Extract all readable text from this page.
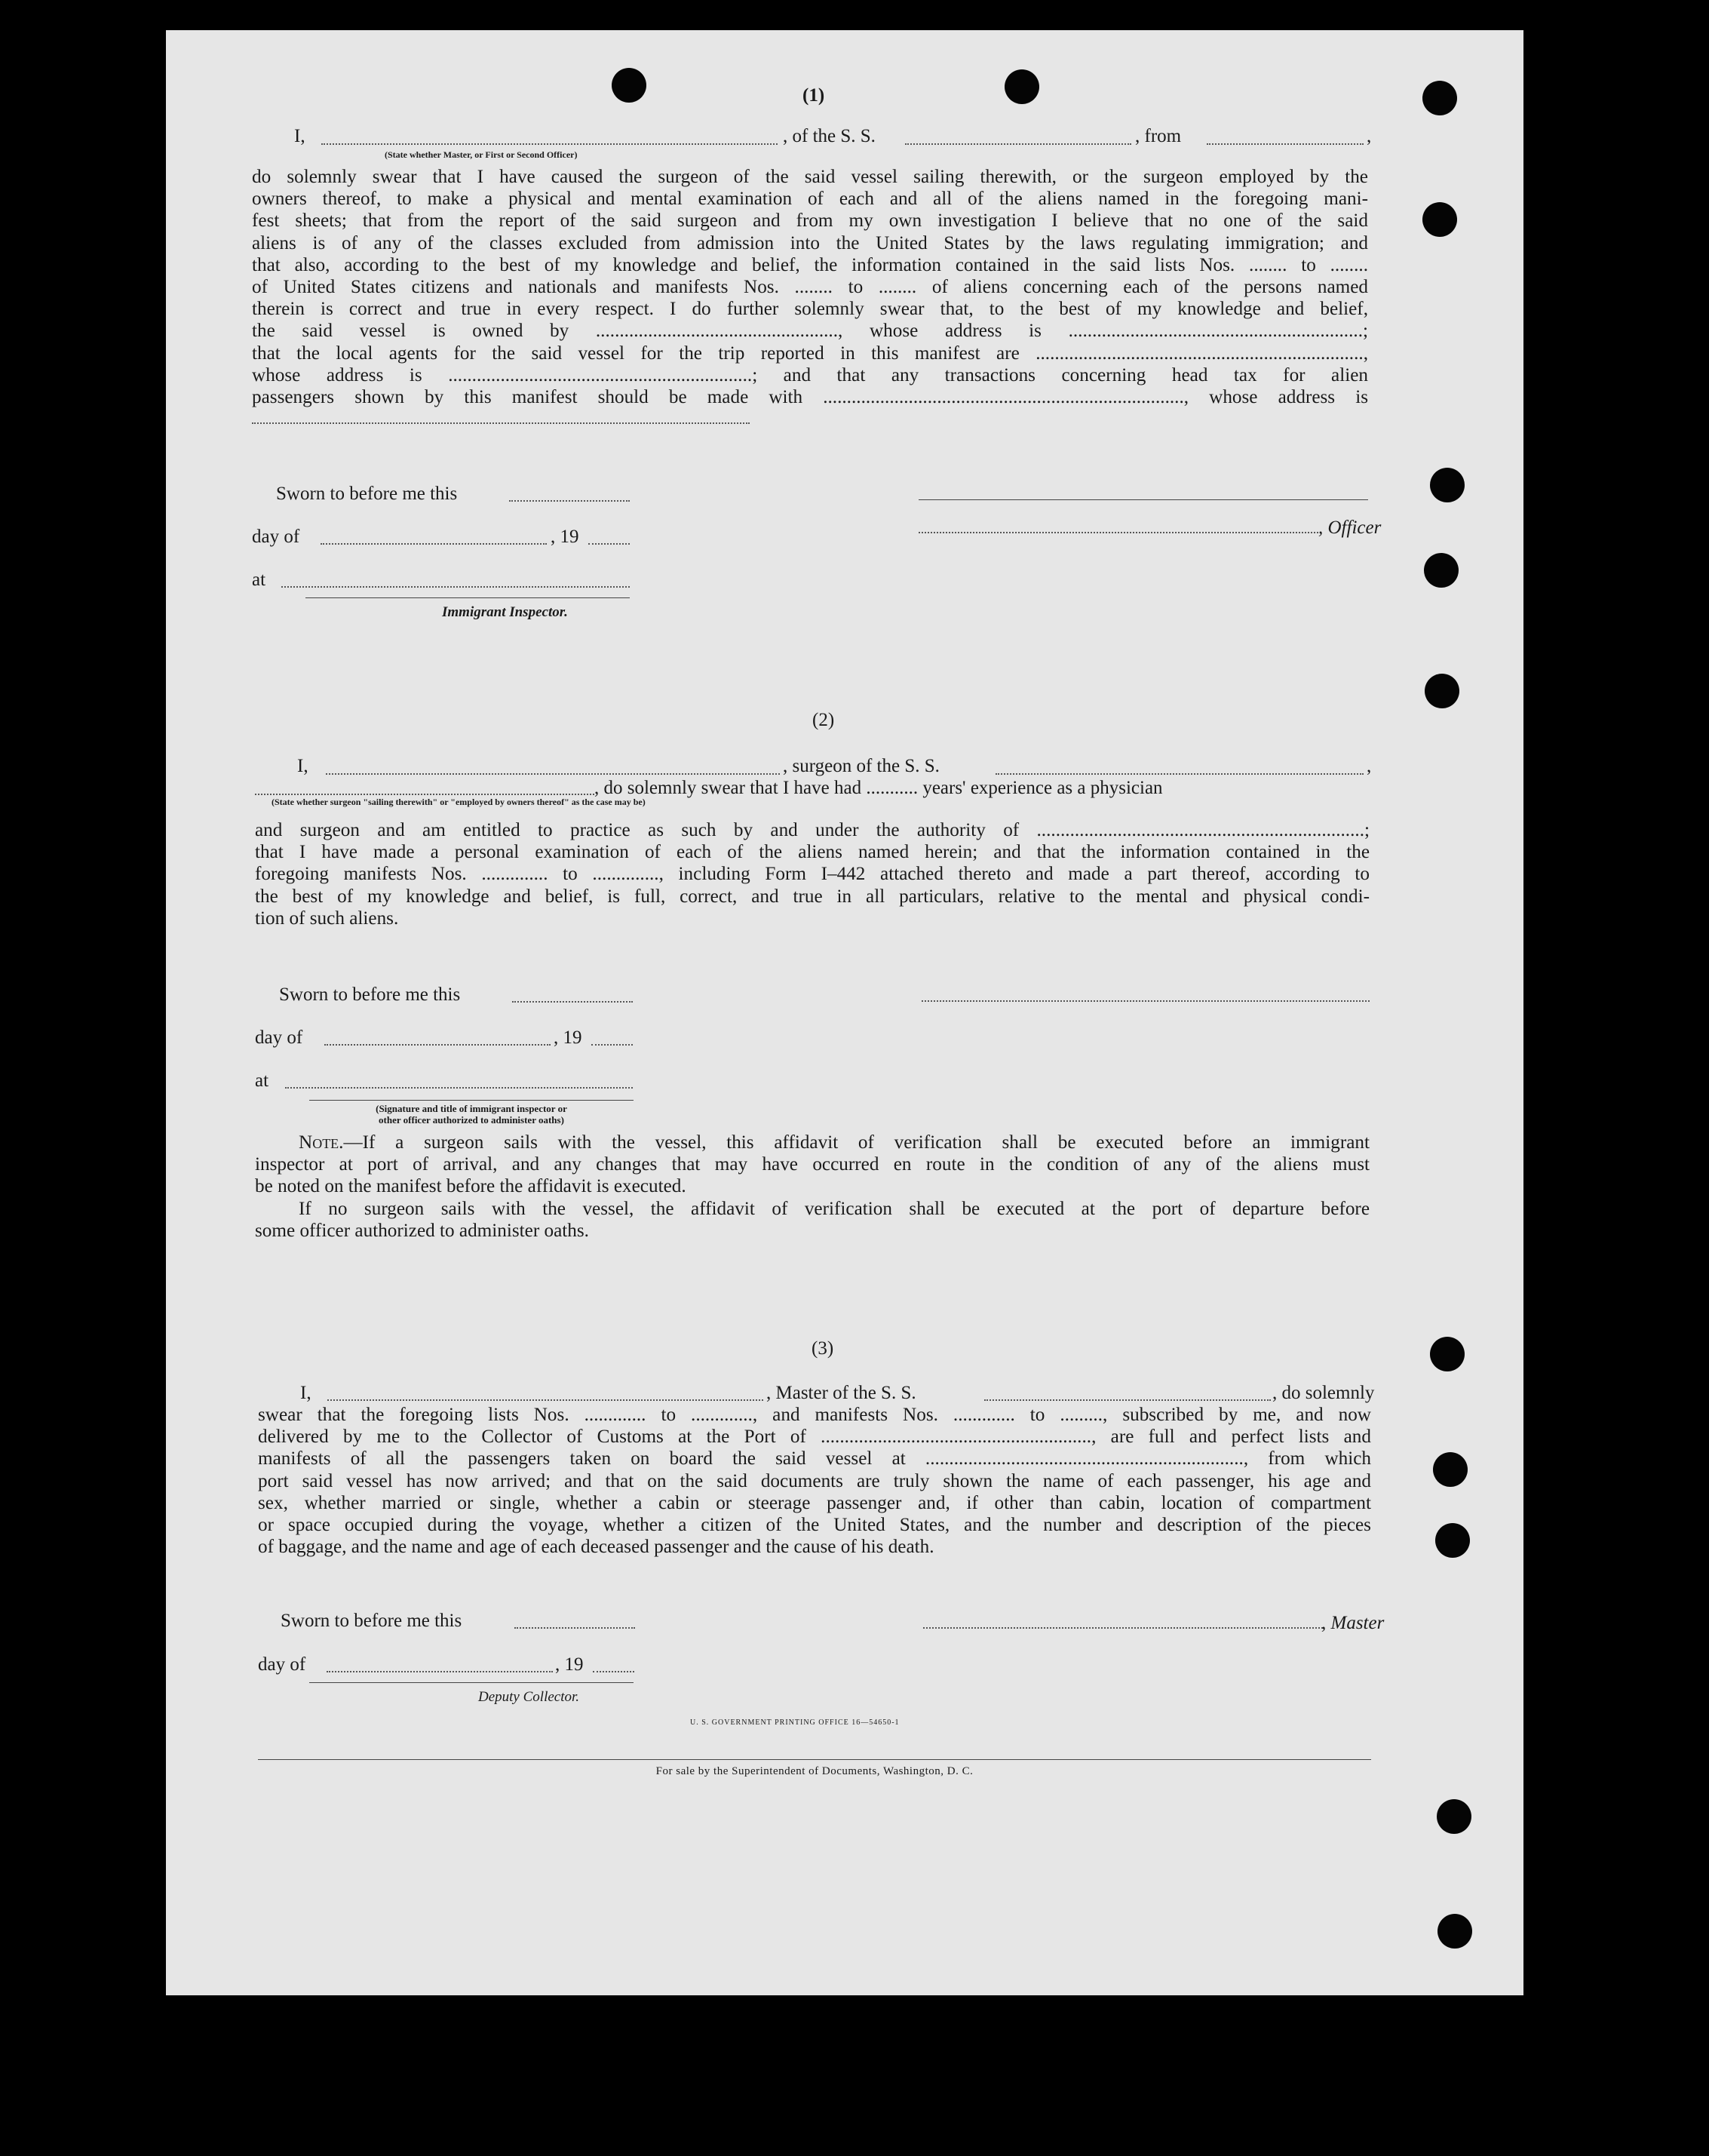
(1)
I,	, of the S. S.	, from	,
(State whether Master, or First or Second Officer)
do solemnly swear that I have caused the surgeon of the said vessel sailing therewith, or the surgeon employed by the
owners thereof, to make a physical and mental examination of each and all of the aliens named in the foregoing mani-
fest sheets; that from the report of the said surgeon and from my own investigation I believe that no one of the said
aliens is of any of the classes excluded from admission into the United States by the laws regulating immigration; and
that also, according to the best of my knowledge and belief, the information contained in the said lists Nos. ........ to ........
of United States citizens and nationals and manifests Nos. ........ to ........ of aliens concerning each of the persons named
therein is correct and true in every respect. I do further solemnly swear that, to the best of my knowledge and belief,
the said vessel is owned by ..................................................., whose address is ..............................................................;
that the local agents for the said vessel for the trip reported in this manifest are .....................................................................,
whose address is ................................................................; and that any transactions concerning head tax for alien
passengers shown by this manifest should be made with ............................................................................, whose address is
Sworn to before me this
day of	, 19	, Officer
at
Immigrant Inspector.
(2)
I,	, surgeon of the S. S.	,
, do solemnly swear that I have had ........... years' experience as a physician
(State whether surgeon "sailing therewith" or "employed by owners thereof" as the case may be)
and surgeon and am entitled to practice as such by and under the authority of .....................................................................;
that I have made a personal examination of each of the aliens named herein; and that the information contained in the
foregoing manifests Nos. .............. to .............., including Form I–442 attached thereto and made a part thereof, according to
the best of my knowledge and belief, is full, correct, and true in all particulars, relative to the mental and physical condi-
tion of such aliens.
Sworn to before me this
day of	, 19
at
(Signature and title of immigrant inspector or
other officer authorized to administer oaths)
Note.—If a surgeon sails with the vessel, this affidavit of verification shall be executed before an immigrant
inspector at port of arrival, and any changes that may have occurred en route in the condition of any of the aliens must
be noted on the manifest before the affidavit is executed.
If no surgeon sails with the vessel, the affidavit of verification shall be executed at the port of departure before
some officer authorized to administer oaths.
(3)
I,	, Master of the S. S.	, do solemnly
swear that the foregoing lists Nos. ............. to ............., and manifests Nos. ............. to ........., subscribed by me, and now
delivered by me to the Collector of Customs at the Port of ........................................................., are full and perfect lists and
manifests of all the passengers taken on board the said vessel at ..................................................................., from which
port said vessel has now arrived; and that on the said documents are truly shown the name of each passenger, his age and
sex, whether married or single, whether a cabin or steerage passenger and, if other than cabin, location of compartment
or space occupied during the voyage, whether a citizen of the United States, and the number and description of the pieces
of baggage, and the name and age of each deceased passenger and the cause of his death.
Sworn to before me this	, Master
day of	, 19
Deputy Collector.
U. S. GOVERNMENT PRINTING OFFICE 16—54650-1
For sale by the Superintendent of Documents, Washington, D. C.
